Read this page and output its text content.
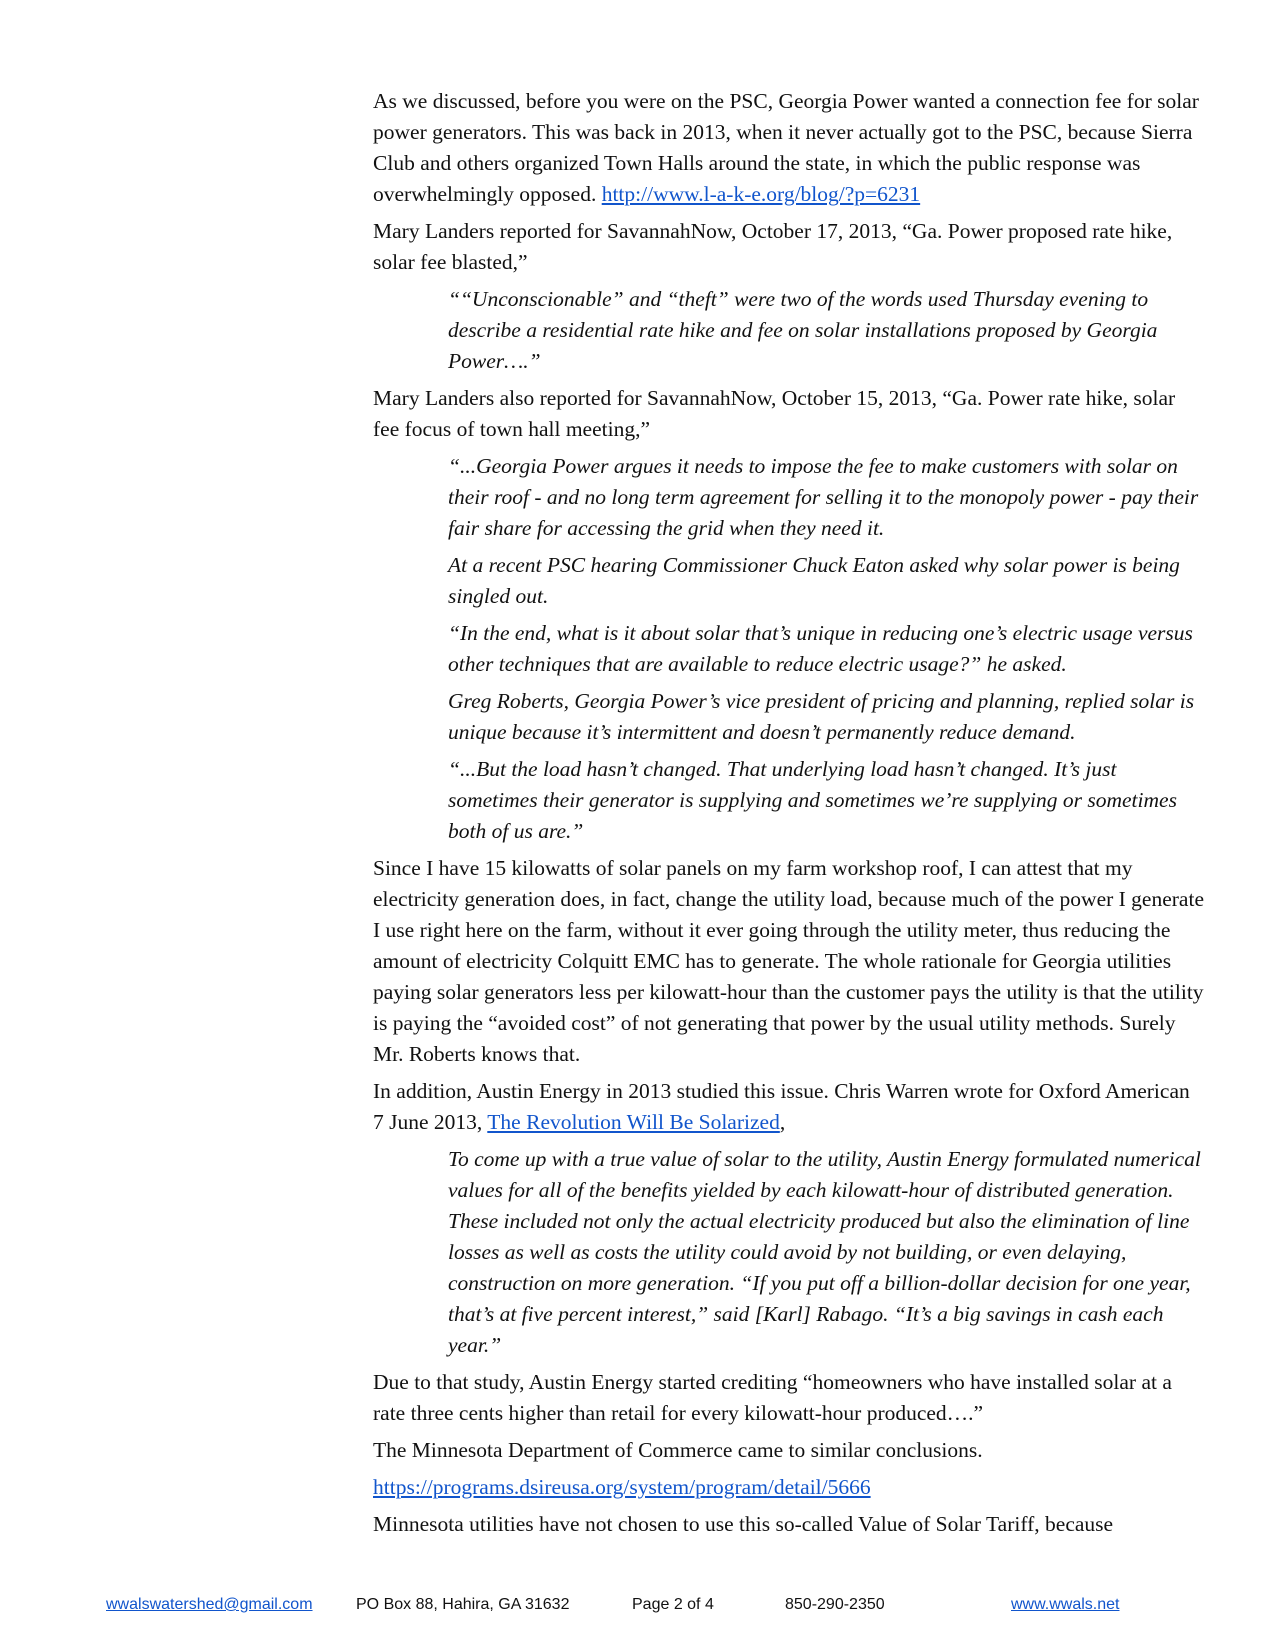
As we discussed, before you were on the PSC, Georgia Power wanted a connection fee for solar power generators. This was back in 2013, when it never actually got to the PSC, because Sierra Club and others organized Town Halls around the state, in which the public response was overwhelmingly opposed. http://www.l-a-k-e.org/blog/?p=6231

Mary Landers reported for SavannahNow, October 17, 2013, “Ga. Power proposed rate hike, solar fee blasted,”

““Unconscionable” and “theft” were two of the words used Thursday evening to describe a residential rate hike and fee on solar installations proposed by Georgia Power….”

Mary Landers also reported for SavannahNow, October 15, 2013, “Ga. Power rate hike, solar fee focus of town hall meeting,”

“...Georgia Power argues it needs to impose the fee to make customers with solar on their roof - and no long term agreement for selling it to the monopoly power - pay their fair share for accessing the grid when they need it.

At a recent PSC hearing Commissioner Chuck Eaton asked why solar power is being singled out.

“In the end, what is it about solar that’s unique in reducing one’s electric usage versus other techniques that are available to reduce electric usage?” he asked.

Greg Roberts, Georgia Power’s vice president of pricing and planning, replied solar is unique because it’s intermittent and doesn’t permanently reduce demand.

“...But the load hasn’t changed. That underlying load hasn’t changed. It’s just sometimes their generator is supplying and sometimes we’re supplying or sometimes both of us are.”

Since I have 15 kilowatts of solar panels on my farm workshop roof, I can attest that my electricity generation does, in fact, change the utility load, because much of the power I generate I use right here on the farm, without it ever going through the utility meter, thus reducing the amount of electricity Colquitt EMC has to generate. The whole rationale for Georgia utilities paying solar generators less per kilowatt-hour than the customer pays the utility is that the utility is paying the “avoided cost” of not generating that power by the usual utility methods. Surely Mr. Roberts knows that.

In addition, Austin Energy in 2013 studied this issue. Chris Warren wrote for Oxford American 7 June 2013, The Revolution Will Be Solarized,

To come up with a true value of solar to the utility, Austin Energy formulated numerical values for all of the benefits yielded by each kilowatt-hour of distributed generation. These included not only the actual electricity produced but also the elimination of line losses as well as costs the utility could avoid by not building, or even delaying, construction on more generation. “If you put off a billion-dollar decision for one year, that’s at five percent interest,” said [Karl] Rabago. “It’s a big savings in cash each year.”

Due to that study, Austin Energy started crediting “homeowners who have installed solar at a rate three cents higher than retail for every kilowatt-hour produced….”

The Minnesota Department of Commerce came to similar conclusions.

https://programs.dsireusa.org/system/program/detail/5666

Minnesota utilities have not chosen to use this so-called Value of Solar Tariff, because

wwalswatershed@gmail.com	PO Box 88, Hahira, GA 31632	Page 2 of 4	850-290-2350	www.wwals.net
